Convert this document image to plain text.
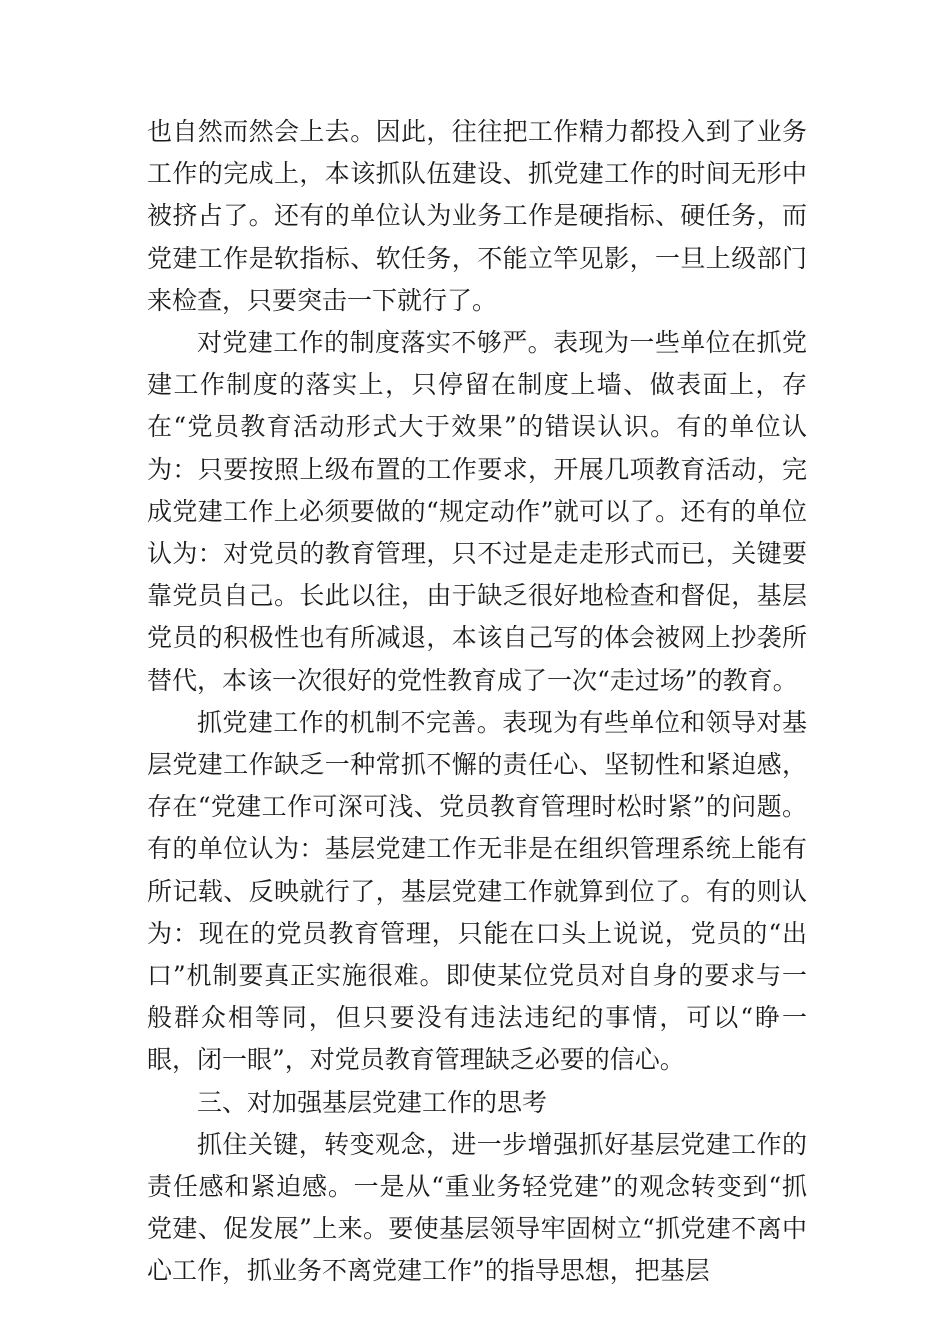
也自然而然会上去。因此，往往把工作精力都投入到了业务工作的完成上，本该抓队伍建设、抓党建工作的时间无形中被挤占了。还有的单位认为业务工作是硬指标、硬任务，而党建工作是软指标、软任务，不能立竿见影，一旦上级部门来检查，只要突击一下就行了。

对党建工作的制度落实不够严。表现为一些单位在抓党建工作制度的落实上，只停留在制度上墙、做表面上，存在“党员教育活动形式大于效果”的错误认识。有的单位认为：只要按照上级布置的工作要求，开展几项教育活动，完成党建工作上必须要做的“规定动作”就可以了。还有的单位认为：对党员的教育管理，只不过是走走形式而已，关键要靠党员自己。长此以往，由于缺乏很好地检查和督促，基层党员的积极性也有所减退，本该自己写的体会被网上抄袭所替代，本该一次很好的党性教育成了一次“走过场”的教育。

抓党建工作的机制不完善。表现为有些单位和领导对基层党建工作缺乏一种常抓不懈的责任心、坚韧性和紧迫感，存在“党建工作可深可浅、党员教育管理时松时紧”的问题。有的单位认为：基层党建工作无非是在组织管理系统上能有所记载、反映就行了，基层党建工作就算到位了。有的则认为：现在的党员教育管理，只能在口头上说说，党员的“出口”机制要真正实施很难。即使某位党员对自身的要求与一般群众相等同，但只要没有违法违纪的事情，可以“睁一眼，闭一眼”，对党员教育管理缺乏必要的信心。

三、对加强基层党建工作的思考

抓住关键，转变观念，进一步增强抓好基层党建工作的责任感和紧迫感。一是从“重业务轻党建”的观念转变到“抓党建、促发展”上来。要使基层领导牢固树立“抓党建不离中心工作，抓业务不离党建工作”的指导思想，把基层
